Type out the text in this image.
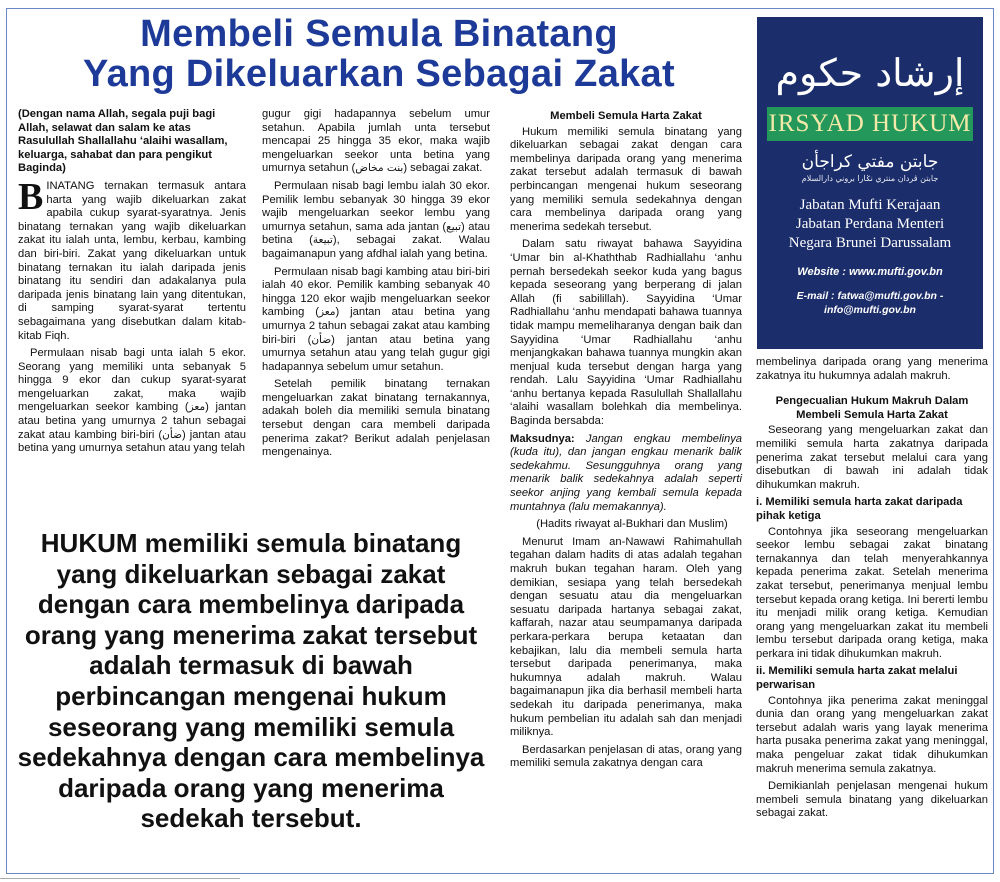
Membeli Semula Binatang
Yang Dikeluarkan Sebagai Zakat

(Dengan nama Allah, segala puji bagi Allah, selawat dan salam ke atas Rasulullah Shallallahu ‘alaihi wasallam, keluarga, sahabat dan para pengikut Baginda)

BINATANG ternakan termasuk antara harta yang wajib dikeluarkan zakat apabila cukup syarat-syaratnya. Jenis binatang ternakan yang wajib dikeluarkan zakat itu ialah unta, lembu, kerbau, kambing dan biri-biri. Zakat yang dikeluarkan untuk binatang ternakan itu ialah daripada jenis binatang itu sendiri dan adakalanya pula daripada jenis binatang lain yang ditentukan, di samping syarat-syarat tertentu sebagaimana yang disebutkan dalam kitab-kitab Fiqh.

Permulaan nisab bagi unta ialah 5 ekor. Seorang yang memiliki unta sebanyak 5 hingga 9 ekor dan cukup syarat-syarat mengeluarkan zakat, maka wajib mengeluarkan seekor kambing (معز) jantan atau betina yang umurnya 2 tahun sebagai zakat atau kambing biri-biri (ضأن) jantan atau betina yang umurnya setahun atau yang telah

gugur gigi hadapannya sebelum umur setahun. Apabila jumlah unta tersebut mencapai 25 hingga 35 ekor, maka wajib mengeluarkan seekor unta betina yang umurnya setahun (بنت مخاض) sebagai zakat.

Permulaan nisab bagi lembu ialah 30 ekor. Pemilik lembu sebanyak 30 hingga 39 ekor wajib mengeluarkan seekor lembu yang umurnya setahun, sama ada jantan (تبيع) atau betina (تبيعة), sebagai zakat. Walau bagaimanapun yang afdhal ialah yang betina.

Permulaan nisab bagi kambing atau biri-biri ialah 40 ekor. Pemilik kambing sebanyak 40 hingga 120 ekor wajib mengeluarkan seekor kambing (معز) jantan atau betina yang umurnya 2 tahun sebagai zakat atau kambing biri-biri (ضأن) jantan atau betina yang umurnya setahun atau yang telah gugur gigi hadapannya sebelum umur setahun.

Setelah pemilik binatang ternakan mengeluarkan zakat binatang ternakannya, adakah boleh dia memiliki semula binatang tersebut dengan cara membeli daripada penerima zakat? Berikut adalah penjelasan mengenainya.

HUKUM memiliki semula binatang yang dikeluarkan sebagai zakat dengan cara membelinya daripada orang yang menerima zakat tersebut adalah termasuk di bawah perbincangan mengenai hukum seseorang yang memiliki semula sedekahnya dengan cara membelinya daripada orang yang menerima sedekah tersebut.
Membeli Semula Harta Zakat

Hukum memiliki semula binatang yang dikeluarkan sebagai zakat dengan cara membelinya daripada orang yang menerima zakat tersebut adalah termasuk di bawah perbincangan mengenai hukum seseorang yang memiliki semula sedekahnya dengan cara membelinya daripada orang yang menerima sedekah tersebut.

Dalam satu riwayat bahawa Sayyidina ‘Umar bin al-Khaththab Radhiallahu ‘anhu pernah bersedekah seekor kuda yang bagus kepada seseorang yang berperang di jalan Allah (fi sabilillah). Sayyidina ‘Umar Radhiallahu ‘anhu mendapati bahawa tuannya tidak mampu memeliharanya dengan baik dan Sayyidina ‘Umar Radhiallahu ‘anhu menjangkakan bahawa tuannya mungkin akan menjual kuda tersebut dengan harga yang rendah. Lalu Sayyidina ‘Umar Radhiallahu ‘anhu bertanya kepada Rasulullah Shallallahu ‘alaihi wasallam bolehkah dia membelinya. Baginda bersabda:

Maksudnya: Jangan engkau membelinya (kuda itu), dan jangan engkau menarik balik sedekahmu. Sesungguhnya orang yang menarik balik sedekahnya adalah seperti seekor anjing yang kembali semula kepada muntahnya (lalu memakannya).

(Hadits riwayat al-Bukhari dan Muslim)

Menurut Imam an-Nawawi Rahimahullah tegahan dalam hadits di atas adalah tegahan makruh bukan tegahan haram. Oleh yang demikian, sesiapa yang telah bersedekah dengan sesuatu atau dia mengeluarkan sesuatu daripada hartanya sebagai zakat, kaffarah, nazar atau seumpamanya daripada perkara-perkara berupa ketaatan dan kebajikan, lalu dia membeli semula harta tersebut daripada penerimanya, maka hukumnya adalah makruh. Walau bagaimanapun jika dia berhasil membeli harta sedekah itu daripada penerimanya, maka hukum pembelian itu adalah sah dan menjadi miliknya.

Berdasarkan penjelasan di atas, orang yang memiliki semula zakatnya dengan cara

إرشاد حكوم
IRSYAD HUKUM
جابتن مفتي كراجأن
جابتن ڤردان منتري نݢارا بروني دارالسلام
Jabatan Mufti Kerajaan
Jabatan Perdana Menteri
Negara Brunei Darussalam
Website : www.mufti.gov.bn
E-mail : fatwa@mufti.gov.bn - info@mufti.gov.bn

membelinya daripada orang yang menerima zakatnya itu hukumnya adalah makruh.

Pengecualian Hukum Makruh Dalam Membeli Semula Harta Zakat

Seseorang yang mengeluarkan zakat dan memiliki semula harta zakatnya daripada penerima zakat tersebut melalui cara yang disebutkan di bawah ini adalah tidak dihukumkan makruh.

i. Memiliki semula harta zakat daripada pihak ketiga

Contohnya jika seseorang mengeluarkan seekor lembu sebagai zakat binatang ternakannya dan telah menyerahkannya kepada penerima zakat. Setelah menerima zakat tersebut, penerimanya menjual lembu tersebut kepada orang ketiga. Ini bererti lembu itu menjadi milik orang ketiga. Kemudian orang yang mengeluarkan zakat itu membeli lembu tersebut daripada orang ketiga, maka perkara ini tidak dihukumkan makruh.

ii. Memiliki semula harta zakat melalui perwarisan

Contohnya jika penerima zakat meninggal dunia dan orang yang mengeluarkan zakat tersebut adalah waris yang layak menerima harta pusaka penerima zakat yang meninggal, maka pengeluar zakat tidak dihukumkan makruh menerima semula zakatnya.

Demikianlah penjelasan mengenai hukum membeli semula binatang yang dikeluarkan sebagai zakat.
